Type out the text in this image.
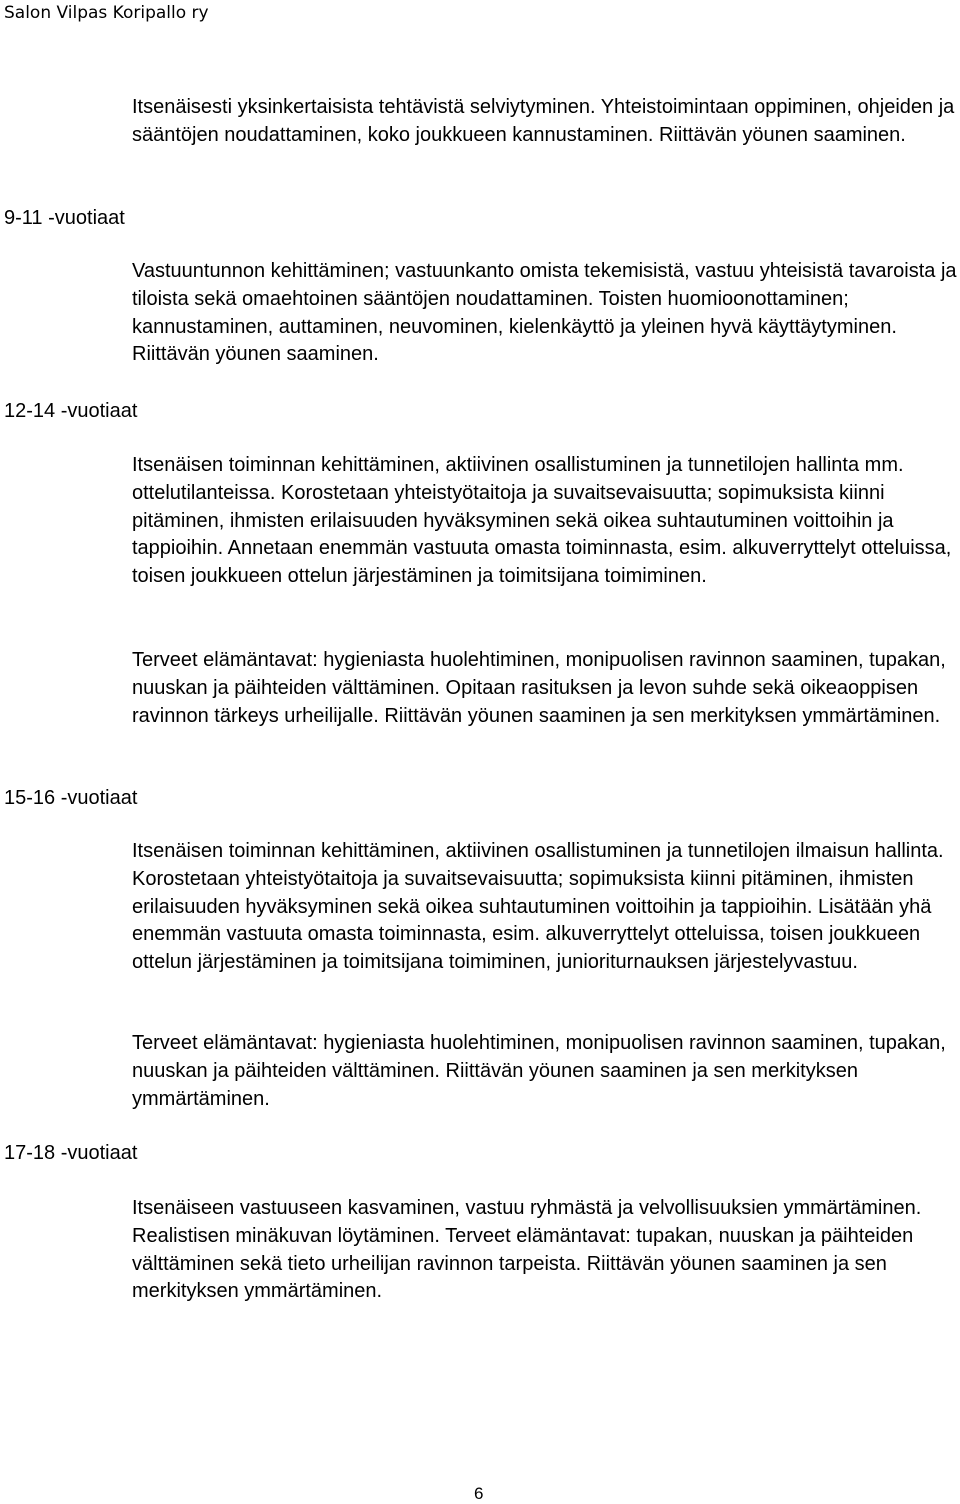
Salon Vilpas Koripallo ry
9-11 -vuotiaat
12-14 -vuotiaat
15-16 -vuotiaat
17-18 -vuotiaat

Itsenäisesti yksinkertaisista tehtävistä selviytyminen. Yhteistoimintaan oppiminen, ohjeiden ja sääntöjen noudattaminen, koko joukkueen kannustaminen. Riittävän yöunen saaminen.

Vastuuntunnon kehittäminen; vastuunkanto omista tekemisistä, vastuu yhteisistä tavaroista ja tiloista sekä omaehtoinen sääntöjen noudattaminen. Toisten huomioonottaminen; kannustaminen, auttaminen, neuvominen, kielenkäyttö ja yleinen hyvä käyttäytyminen. Riittävän yöunen saaminen.

Itsenäisen toiminnan kehittäminen, aktiivinen osallistuminen ja tunnetilojen hallinta mm. ottelutilanteissa. Korostetaan yhteistyötaitoja ja suvaitsevaisuutta; sopimuksista kiinni pitäminen, ihmisten erilaisuuden hyväksyminen sekä oikea suhtautuminen voittoihin ja tappioihin. Annetaan enemmän vastuuta omasta toiminnasta, esim. alkuverryttelyt otteluissa, toisen joukkueen ottelun järjestäminen ja toimitsijana toimiminen.

Terveet elämäntavat: hygieniasta huolehtiminen, monipuolisen ravinnon saaminen, tupakan, nuuskan ja päihteiden välttäminen. Opitaan rasituksen ja levon suhde sekä oikeaoppisen ravinnon tärkeys urheilijalle. Riittävän yöunen saaminen ja sen merkityksen ymmärtäminen.

Itsenäisen toiminnan kehittäminen, aktiivinen osallistuminen ja tunnetilojen ilmaisun hallinta. Korostetaan yhteistyötaitoja ja suvaitsevaisuutta; sopimuksista kiinni pitäminen, ihmisten erilaisuuden hyväksyminen sekä oikea suhtautuminen voittoihin ja tappioihin. Lisätään yhä enemmän vastuuta omasta toiminnasta, esim. alkuverryttelyt otteluissa, toisen joukkueen ottelun järjestäminen ja toimitsijana toimiminen, junioriturnauksen järjestelyvastuu.

Terveet elämäntavat: hygieniasta huolehtiminen, monipuolisen ravinnon saaminen, tupakan, nuuskan ja päihteiden välttäminen. Riittävän yöunen saaminen ja sen merkityksen ymmärtäminen.

Itsenäiseen vastuuseen kasvaminen, vastuu ryhmästä ja velvollisuuksien ymmärtäminen. Realistisen minäkuvan löytäminen. Terveet elämäntavat: tupakan, nuuskan ja päihteiden välttäminen sekä tieto urheilijan ravinnon tarpeista. Riittävän yöunen saaminen ja sen merkityksen ymmärtäminen.

6
